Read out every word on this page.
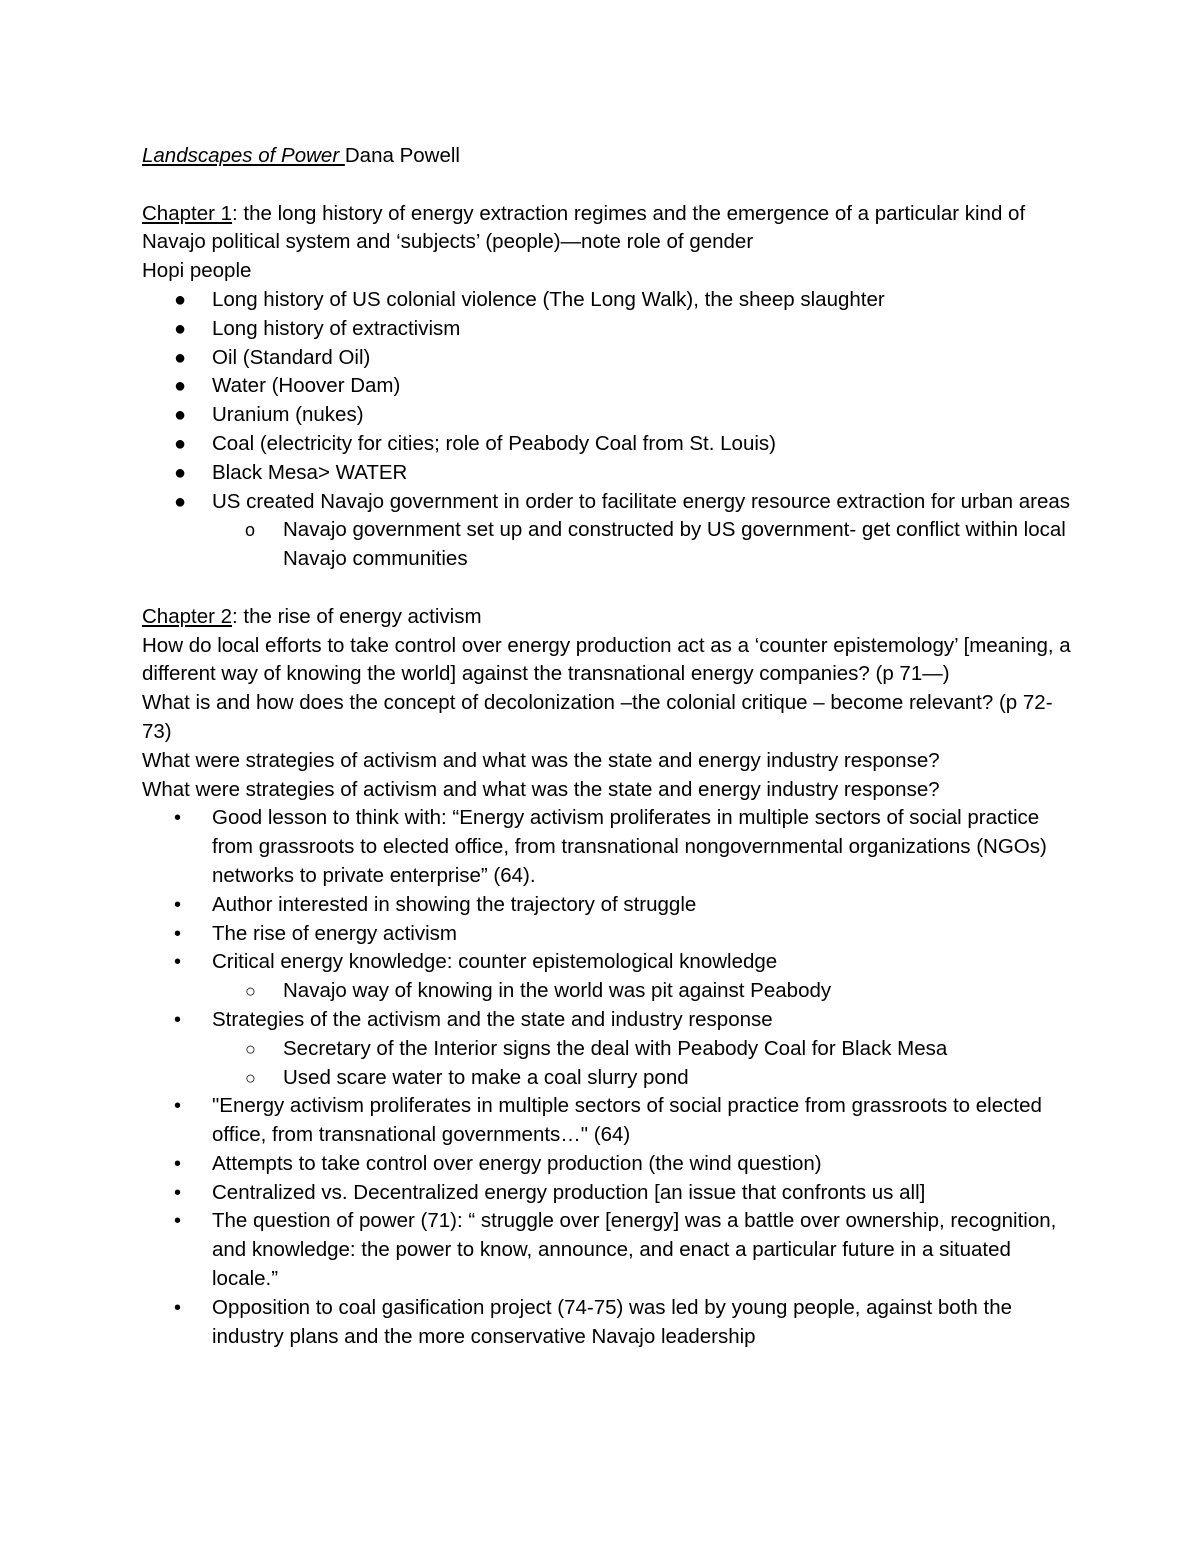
Landscapes of Power Dana Powell

Chapter 1: the long history of energy extraction regimes and the emergence of a particular kind of Navajo political system and ‘subjects’ (people)—note role of gender

Hopi people

● Long history of US colonial violence (The Long Walk), the sheep slaughter
● Long history of extractivism
● Oil (Standard Oil)
● Water (Hoover Dam)
● Uranium (nukes)
● Coal (electricity for cities; role of Peabody Coal from St. Louis)
● Black Mesa> WATER
● US created Navajo government in order to facilitate energy resource extraction for urban areas
o Navajo government set up and constructed by US government- get conflict within local Navajo communities

Chapter 2: the rise of energy activism

How do local efforts to take control over energy production act as a ‘counter epistemology’ [meaning, a different way of knowing the world] against the transnational energy companies? (p 71—)

What is and how does the concept of decolonization –the colonial critique – become relevant? (p 72-73)

What were strategies of activism and what was the state and energy industry response?

What were strategies of activism and what was the state and energy industry response?

• Good lesson to think with: “Energy activism proliferates in multiple sectors of social practice from grassroots to elected office, from transnational nongovernmental organizations (NGOs) networks to private enterprise” (64).
• Author interested in showing the trajectory of struggle
• The rise of energy activism
• Critical energy knowledge: counter epistemological knowledge
○ Navajo way of knowing in the world was pit against Peabody
• Strategies of the activism and the state and industry response
○ Secretary of the Interior signs the deal with Peabody Coal for Black Mesa
○ Used scare water to make a coal slurry pond
• "Energy activism proliferates in multiple sectors of social practice from grassroots to elected office, from transnational governments…" (64)
• Attempts to take control over energy production (the wind question)
• Centralized vs. Decentralized energy production [an issue that confronts us all]
• The question of power (71): “ struggle over [energy] was a battle over ownership, recognition, and knowledge: the power to know, announce, and enact a particular future in a situated locale.”
• Opposition to coal gasification project (74-75) was led by young people, against both the industry plans and the more conservative Navajo leadership
